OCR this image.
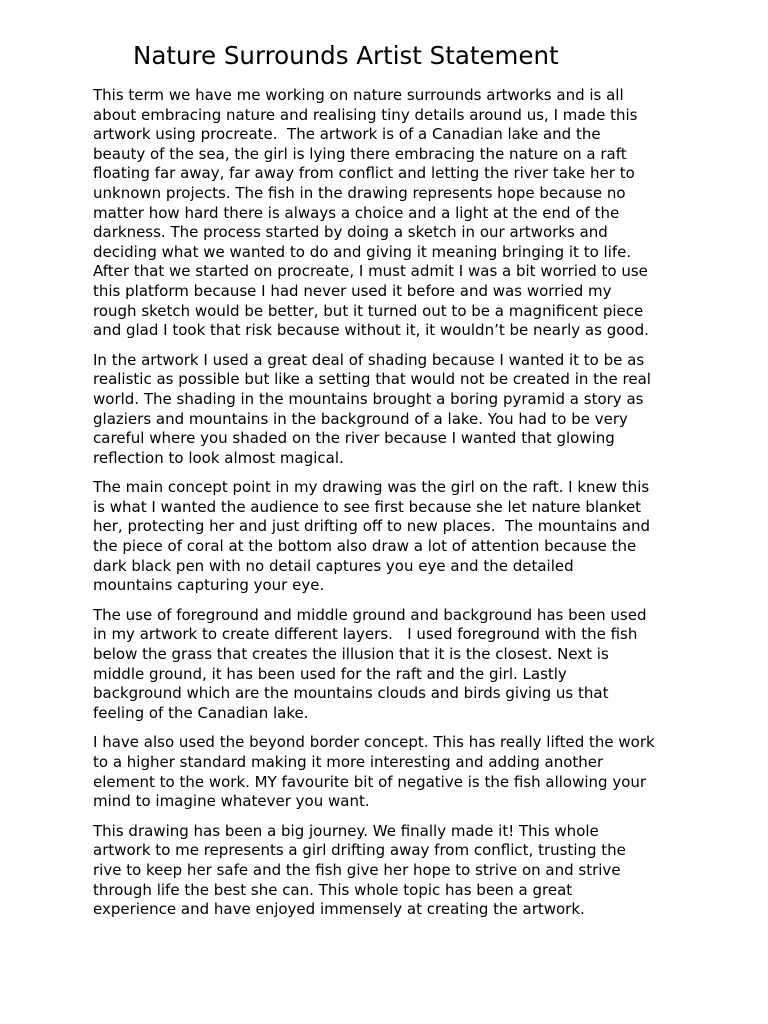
Nature Surrounds Artist Statement

This term we have me working on nature surrounds artworks and is all
about embracing nature and realising tiny details around us, I made this
artwork using procreate.  The artwork is of a Canadian lake and the
beauty of the sea, the girl is lying there embracing the nature on a raft
floating far away, far away from conflict and letting the river take her to
unknown projects. The fish in the drawing represents hope because no
matter how hard there is always a choice and a light at the end of the
darkness. The process started by doing a sketch in our artworks and
deciding what we wanted to do and giving it meaning bringing it to life.
After that we started on procreate, I must admit I was a bit worried to use
this platform because I had never used it before and was worried my
rough sketch would be better, but it turned out to be a magnificent piece
and glad I took that risk because without it, it wouldn’t be nearly as good.

In the artwork I used a great deal of shading because I wanted it to be as
realistic as possible but like a setting that would not be created in the real
world. The shading in the mountains brought a boring pyramid a story as
glaziers and mountains in the background of a lake. You had to be very
careful where you shaded on the river because I wanted that glowing
reflection to look almost magical.

The main concept point in my drawing was the girl on the raft. I knew this
is what I wanted the audience to see first because she let nature blanket
her, protecting her and just drifting off to new places.  The mountains and
the piece of coral at the bottom also draw a lot of attention because the
dark black pen with no detail captures you eye and the detailed
mountains capturing your eye.

The use of foreground and middle ground and background has been used
in my artwork to create different layers.   I used foreground with the fish
below the grass that creates the illusion that it is the closest. Next is
middle ground, it has been used for the raft and the girl. Lastly
background which are the mountains clouds and birds giving us that
feeling of the Canadian lake.

I have also used the beyond border concept. This has really lifted the work
to a higher standard making it more interesting and adding another
element to the work. MY favourite bit of negative is the fish allowing your
mind to imagine whatever you want.

This drawing has been a big journey. We finally made it! This whole
artwork to me represents a girl drifting away from conflict, trusting the
rive to keep her safe and the fish give her hope to strive on and strive
through life the best she can. This whole topic has been a great
experience and have enjoyed immensely at creating the artwork.
